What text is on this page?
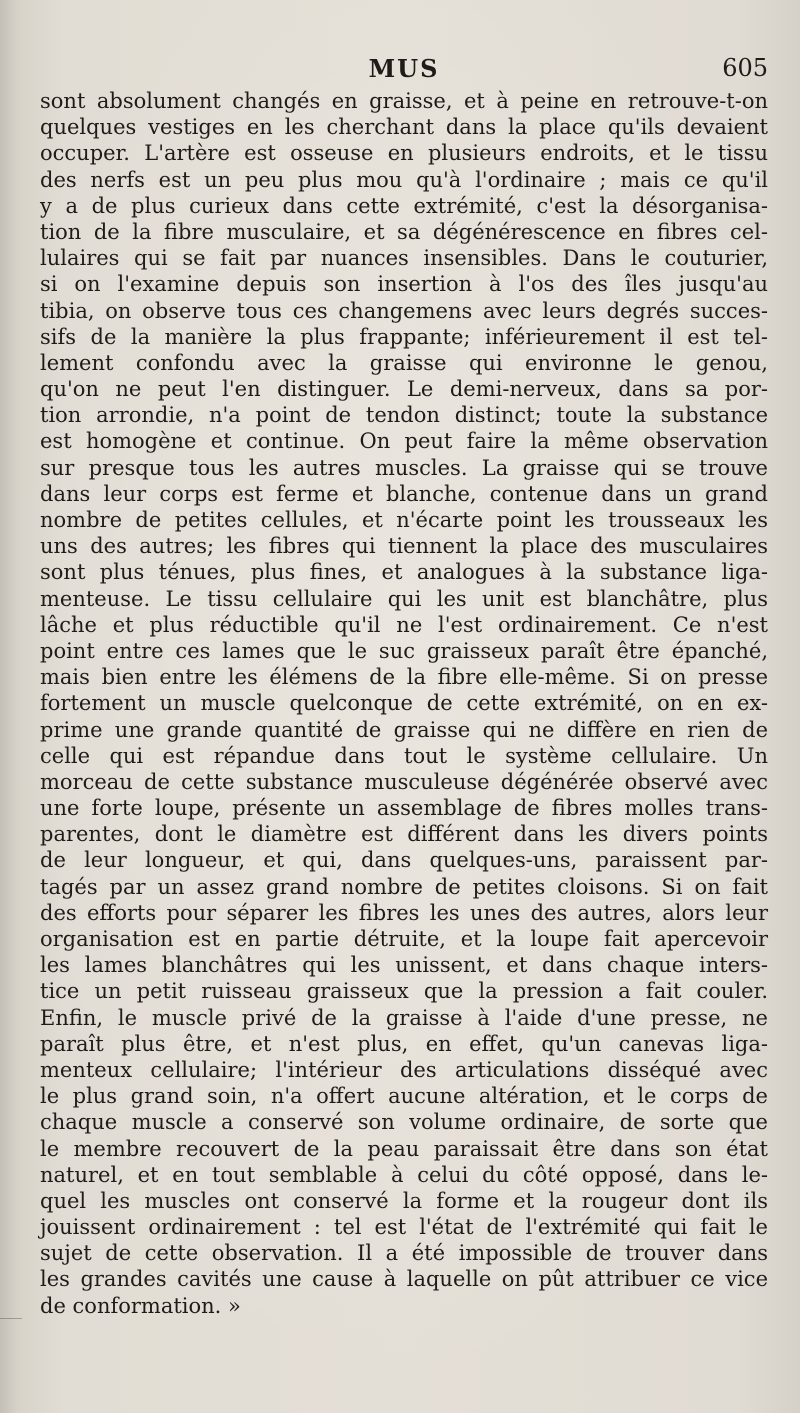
MUS	605
sont absolument changés en graisse, et à peine en retrouve-t-on
quelques vestiges en les cherchant dans la place qu'ils devaient
occuper. L'artère est osseuse en plusieurs endroits, et le tissu
des nerfs est un peu plus mou qu'à l'ordinaire ; mais ce qu'il
y a de plus curieux dans cette extrémité, c'est la désorganisa-
tion de la fibre musculaire, et sa dégénérescence en fibres cel-
lulaires qui se fait par nuances insensibles. Dans le couturier,
si on l'examine depuis son insertion à l'os des îles jusqu'au
tibia, on observe tous ces changemens avec leurs degrés succes-
sifs de la manière la plus frappante; inférieurement il est tel-
lement confondu avec la graisse qui environne le genou,
qu'on ne peut l'en distinguer. Le demi-nerveux, dans sa por-
tion arrondie, n'a point de tendon distinct; toute la substance
est homogène et continue. On peut faire la même observation
sur presque tous les autres muscles. La graisse qui se trouve
dans leur corps est ferme et blanche, contenue dans un grand
nombre de petites cellules, et n'écarte point les trousseaux les
uns des autres; les fibres qui tiennent la place des musculaires
sont plus ténues, plus fines, et analogues à la substance liga-
menteuse. Le tissu cellulaire qui les unit est blanchâtre, plus
lâche et plus réductible qu'il ne l'est ordinairement. Ce n'est
point entre ces lames que le suc graisseux paraît être épanché,
mais bien entre les élémens de la fibre elle-même. Si on presse
fortement un muscle quelconque de cette extrémité, on en ex-
prime une grande quantité de graisse qui ne diffère en rien de
celle qui est répandue dans tout le système cellulaire. Un
morceau de cette substance musculeuse dégénérée observé avec
une forte loupe, présente un assemblage de fibres molles trans-
parentes, dont le diamètre est différent dans les divers points
de leur longueur, et qui, dans quelques-uns, paraissent par-
tagés par un assez grand nombre de petites cloisons. Si on fait
des efforts pour séparer les fibres les unes des autres, alors leur
organisation est en partie détruite, et la loupe fait apercevoir
les lames blanchâtres qui les unissent, et dans chaque inters-
tice un petit ruisseau graisseux que la pression a fait couler.
Enfin, le muscle privé de la graisse à l'aide d'une presse, ne
paraît plus être, et n'est plus, en effet, qu'un canevas liga-
menteux cellulaire; l'intérieur des articulations disséqué avec
le plus grand soin, n'a offert aucune altération, et le corps de
chaque muscle a conservé son volume ordinaire, de sorte que
le membre recouvert de la peau paraissait être dans son état
naturel, et en tout semblable à celui du côté opposé, dans le-
quel les muscles ont conservé la forme et la rougeur dont ils
jouissent ordinairement : tel est l'état de l'extrémité qui fait le
sujet de cette observation. Il a été impossible de trouver dans
les grandes cavités une cause à laquelle on pût attribuer ce vice
de conformation. »
